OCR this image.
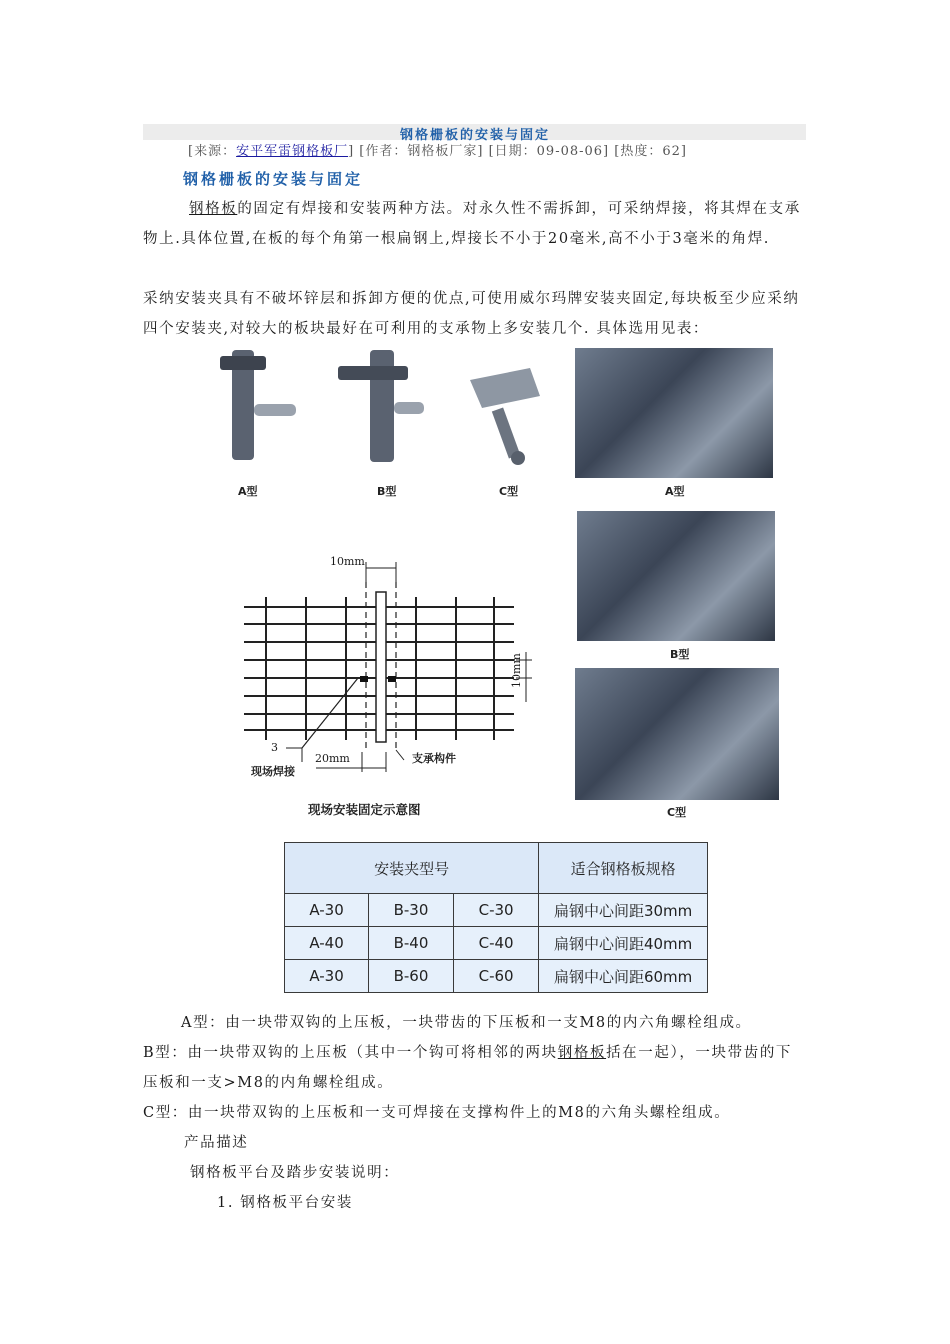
钢格栅板的安装与固定
[来源：安平军雷钢格板厂] [作者：钢格板厂家] [日期：09-08-06] [热度：62]
钢格栅板的安装与固定
钢格板的固定有焊接和安装两种方法。对永久性不需拆卸，可采纳焊接，将其焊在支承物上.具体位置,在板的每个角第一根扁钢上,焊接长不小于20毫米,高不小于3毫米的角焊.
采纳安装夹具有不破坏锌层和拆卸方便的优点,可使用威尔玛牌安装夹固定,每块板至少应采纳四个安装夹,对较大的板块最好在可利用的支承物上多安装几个. 具体选用见表：
A型	B型	C型	A型
B型
C型
10mm
10mm
20mm
3
现场焊接
支承构件
现场安装固定示意图
安装夹型号			适合钢格板规格
A-30	B-30	C-30	扁钢中心间距30mm
A-40	B-40	C-40	扁钢中心间距40mm
A-30	B-60	C-60	扁钢中心间距60mm
A型：由一块带双钩的上压板，一块带齿的下压板和一支M8的内六角螺栓组成。
B型：由一块带双钩的上压板（其中一个钩可将相邻的两块钢格板括在一起），一块带齿的下压板和一支>M8的内角螺栓组成。
C型：由一块带双钩的上压板和一支可焊接在支撑构件上的M8的六角头螺栓组成。
产品描述
钢格板平台及踏步安装说明：
1. 钢格板平台安装
